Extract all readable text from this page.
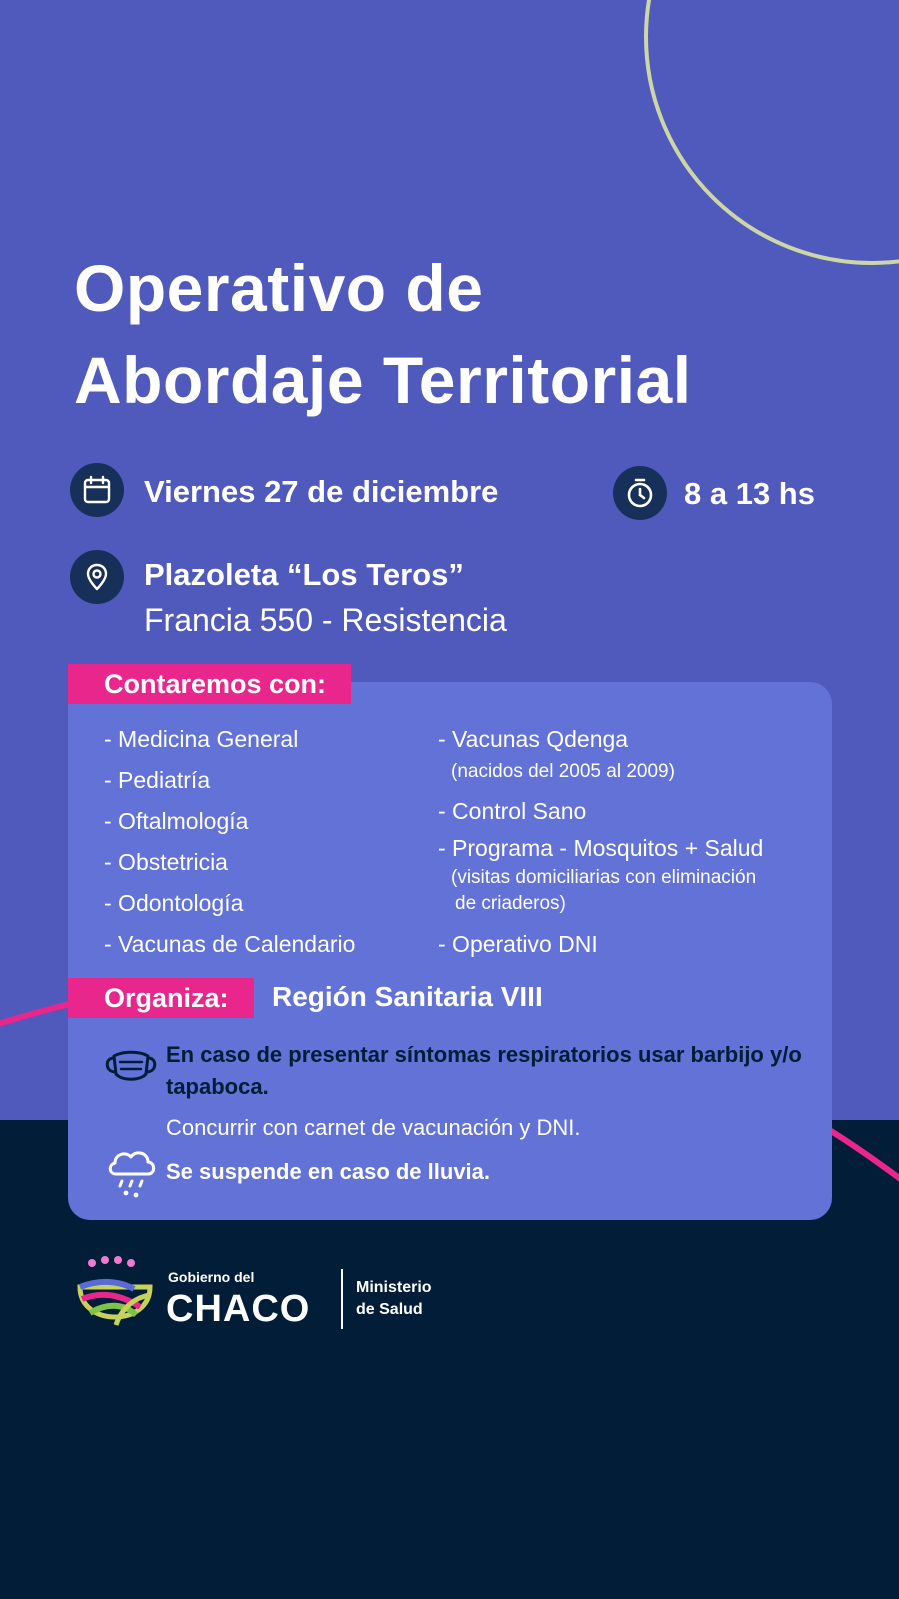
Operativo de
Abordaje Territorial
Viernes 27 de diciembre	8 a 13 hs
Plazoleta “Los Teros”
Francia 550 - Resistencia
Contaremos con:
- Medicina General
- Pediatría
- Oftalmología
- Obstetricia
- Odontología
- Vacunas de Calendario
- Vacunas Qdenga
(nacidos del 2005 al 2009)
- Control Sano
- Programa - Mosquitos + Salud
(visitas domiciliarias con eliminación
de criaderos)
- Operativo DNI
Organiza:	Región Sanitaria VIII
En caso de presentar síntomas respiratorios usar barbijo y/o tapaboca.
Concurrir con carnet de vacunación y DNI.
Se suspende en caso de lluvia.
Gobierno del
CHACO
Ministerio
de Salud
